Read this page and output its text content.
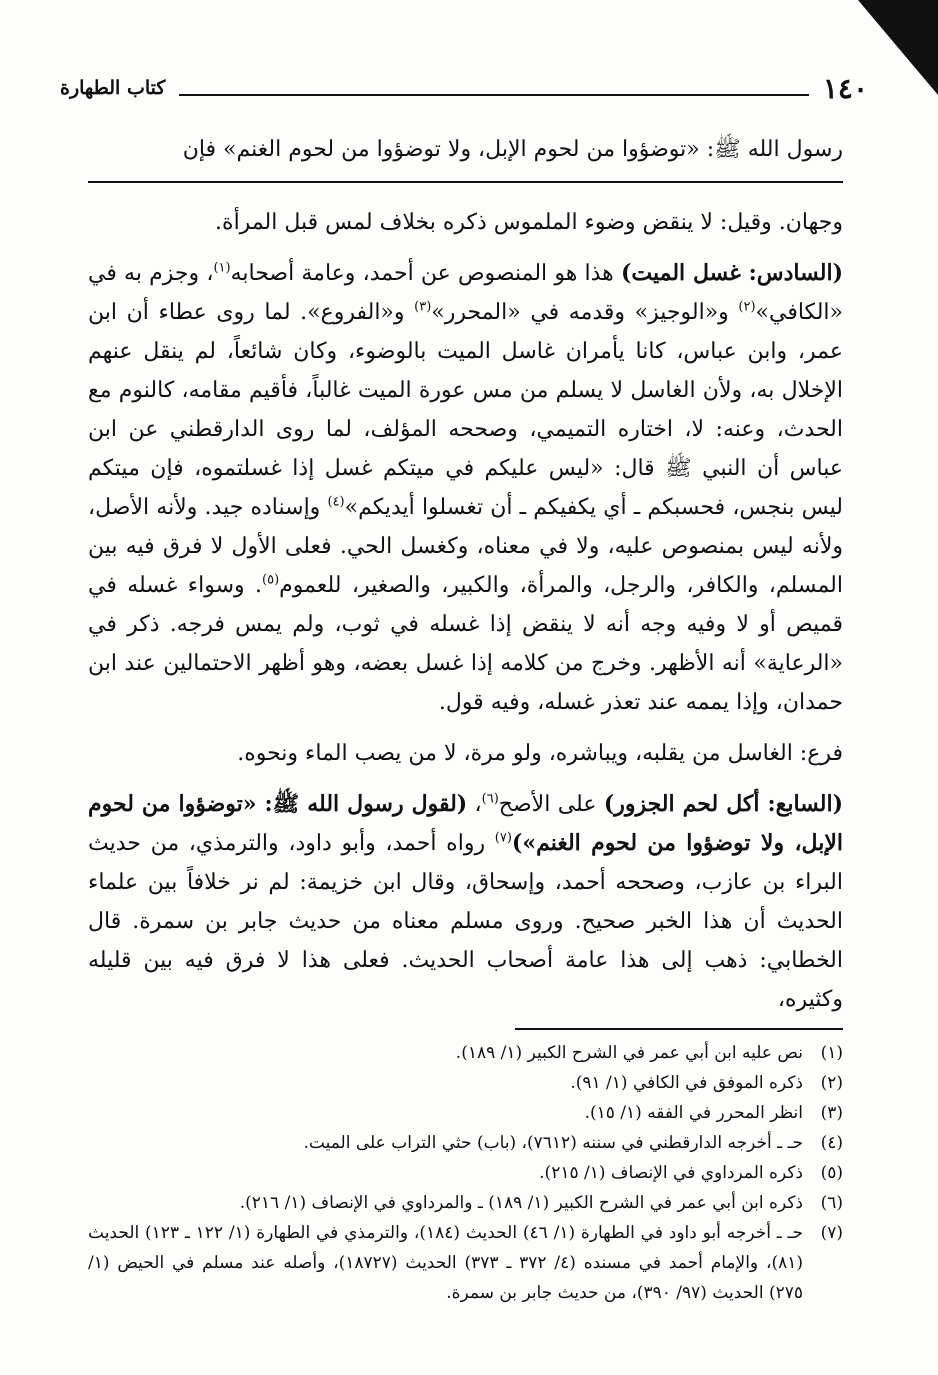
١٤٠
كتاب الطهارة
رسول الله ﷺ: «توضؤوا من لحوم الإبل، ولا توضؤوا من لحوم الغنم» فإن

وجهان. وقيل: لا ينقض وضوء الملموس ذكره بخلاف لمس قبل المرأة.

(السادس: غسل الميت) هذا هو المنصوص عن أحمد، وعامة أصحابه$^{(١)}$، وجزم به في «الكافي»$^{(٢)}$ و«الوجيز» وقدمه في «المحرر»$^{(٣)}$ و«الفروع». لما روى عطاء أن ابن عمر، وابن عباس، كانا يأمران غاسل الميت بالوضوء، وكان شائعاً، لم ينقل عنهم الإخلال به، ولأن الغاسل لا يسلم من مس عورة الميت غالباً، فأقيم مقامه، كالنوم مع الحدث، وعنه: لا، اختاره التميمي، وصححه المؤلف، لما روى الدارقطني عن ابن عباس أن النبي ﷺ قال: «ليس عليكم في ميتكم غسل إذا غسلتموه، فإن ميتكم ليس بنجس، فحسبكم ـ أي يكفيكم ـ أن تغسلوا أيديكم»$^{(٤)}$ وإسناده جيد. ولأنه الأصل، ولأنه ليس بمنصوص عليه، ولا في معناه، وكغسل الحي. فعلى الأول لا فرق فيه بين المسلم، والكافر، والرجل، والمرأة، والكبير، والصغير، للعموم$^{(٥)}$. وسواء غسله في قميص أو لا وفيه وجه أنه لا ينقض إذا غسله في ثوب، ولم يمس فرجه. ذكر في «الرعاية» أنه الأظهر. وخرج من كلامه إذا غسل بعضه، وهو أظهر الاحتمالين عند ابن حمدان، وإذا يممه عند تعذر غسله، وفيه قول.

فرع: الغاسل من يقلبه، ويباشره، ولو مرة، لا من يصب الماء ونحوه.

(السابع: أكل لحم الجزور) على الأصح$^{(٦)}$، (لقول رسول الله ﷺ: «توضؤوا من لحوم الإبل، ولا توضؤوا من لحوم الغنم»)$^{(٧)}$ رواه أحمد، وأبو داود، والترمذي، من حديث البراء بن عازب، وصححه أحمد، وإسحاق، وقال ابن خزيمة: لم نر خلافاً بين علماء الحديث أن هذا الخبر صحيح. وروى مسلم معناه من حديث جابر بن سمرة. قال الخطابي: ذهب إلى هذا عامة أصحاب الحديث. فعلى هذا لا فرق فيه بين قليله وكثيره،

(١)
نص عليه ابن أبي عمر في الشرح الكبير (١/ ١٨٩).
(٢)
ذكره الموفق في الكافي (١/ ٩١).
(٣)
انظر المحرر في الفقه (١/ ١٥).
(٤)
حـ ـ أخرجه الدارقطني في سننه (٧٦١٢)، (باب) حثي التراب على الميت.
(٥)
ذكره المرداوي في الإنصاف (١/ ٢١٥).
(٦)
ذكره ابن أبي عمر في الشرح الكبير (١/ ١٨٩) ـ والمرداوي في الإنصاف (١/ ٢١٦).
(٧)
حـ ـ أخرجه أبو داود في الطهارة (١/ ٤٦) الحديث (١٨٤)، والترمذي في الطهارة (١/ ١٢٢ ـ ١٢٣) الحديث (٨١)، والإمام أحمد في مسنده (٤/ ٣٧٢ ـ ٣٧٣) الحديث (١٨٧٢٧)، وأصله عند مسلم في الحيض (١/ ٢٧٥) الحديث (٩٧/ ٣٩٠)، من حديث جابر بن سمرة.
